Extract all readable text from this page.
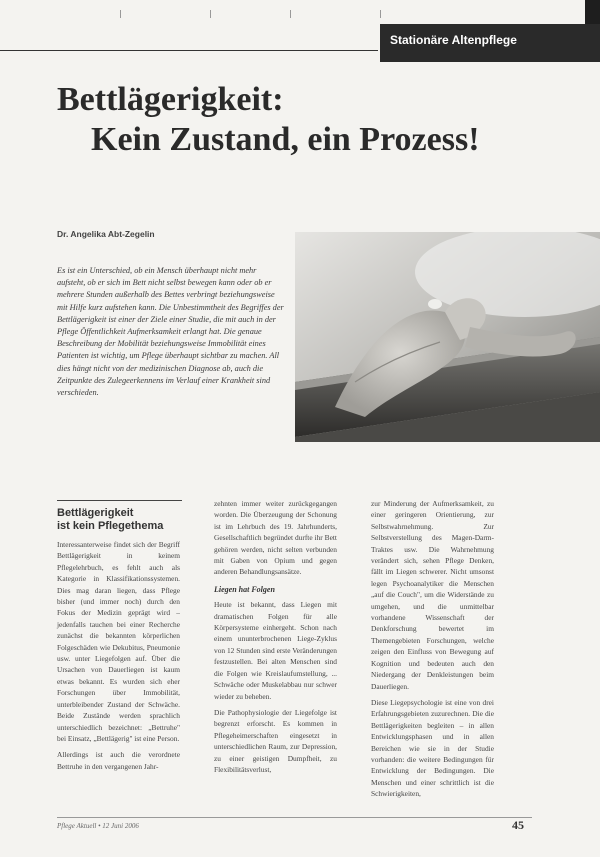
Stationäre Altenpflege
Bettlägerigkeit:
Kein Zustand, ein Prozess!
Dr. Angelika Abt-Zegelin
Es ist ein Unterschied, ob ein Mensch überhaupt nicht mehr aufsteht, ob er sich im Bett nicht selbst bewegen kann oder ob er mehrere Stunden außerhalb des Bettes verbringt beziehungsweise mit Hilfe kurz aufstehen kann. Die Unbestimmtheit des Begriffes der Bettlägerigkeit ist einer der Ziele einer Studie, die mit auch in der Pflege Öffentlichkeit Aufmerksamkeit erlangt hat. Die genaue Beschreibung der Mobilität beziehungsweise Immobilität eines Patienten ist wichtig, um Pflege überhaupt sichtbar zu machen. All dies hängt nicht von der medizinischen Diagnose ab, auch die Zeitpunkte des Zulegeerkennens im Verlauf einer Krankheit sind verschieden.
Bettlägerigkeit
ist kein Pflegethema

Interessanterweise findet sich der Begriff Bettlägerigkeit in keinem Pflegelehrbuch, es fehlt auch als Kategorie in Klassifikationssystemen. Dies mag daran liegen, dass Pflege bisher (und immer noch) durch den Fokus der Medizin geprägt wird – jedenfalls tauchen bei einer Recherche zunächst die bekannten körperlichen Folgeschäden wie Dekubitus, Pneumonie usw. unter Liegefolgen auf. Über die Ursachen von Dauerliegen ist kaum etwas bekannt. Es wurden sich eher Forschungen über Immobilität, unterbleibender Zustand der Schwäche. Beide Zustände werden sprachlich unterschiedlich bezeichnet: „Bettruhe" bei Einsatz, „Bettlägerig" ist eine Person.

Allerdings ist auch die verordnete Bettruhe in den vergangenen Jahr-

zehnten immer weiter zurückgegangen worden. Die Überzeugung der Schonung ist im Lehrbuch des 19. Jahrhunderts, Gesellschaftlich begründet durfte ihr Bett gehören werden, nicht selten verbunden mit Gaben von Opium und gegen anderen Behandlungsansätze.

Liegen hat Folgen

Heute ist bekannt, dass Liegen mit dramatischen Folgen für alle Körpersysteme einhergeht. Schon nach einem ununterbrochenen Liege-Zyklus von 12 Stunden sind erste Veränderungen festzustellen. Bei alten Menschen sind die Folgen wie Kreislaufumstellung, ... Schwäche oder Muskelabbau nur schwer wieder zu beheben.

Die Pathophysiologie der Liegefolge ist begrenzt erforscht. Es kommen in Pflegeheimerschaften eingesetzt in unterschiedlichen Raum, zur Depression, zu einer geistigen Dumpfheit, zu Flexibilitätsverlust,

zur Minderung der Aufmerksamkeit, zu einer geringeren Orientierung, zur Selbstwahrnehmung. Zur Selbstverstellung des Magen-Darm-Traktes usw. Die Wahrnehmung verändert sich, sehen Pflege Denken, fällt im Liegen schwerer. Nicht umsonst legen Psychoanalytiker die Menschen „auf die Couch", um die Widerstände zu umgehen, und die unmittelbar vorhandene Wissenschaft der Denkforschung bewertet im Themengebieten Forschungen, welche zeigen den Einfluss von Bewegung auf Kognition und bedeuten auch den Niedergang der Denkleistungen beim Dauerliegen.

Diese Liegepsychologie ist eine von drei Erfahrungsgebieten zuzurechnen. Die die Bettlägerigkeiten begleiten – in allen Entwicklungsphasen und in allen Bereichen wie sie in der Studie vorhanden: die weitere Bedingungen für Entwicklung der Bedingungen. Die Menschen und einer schrittlich ist die Schwierigkeiten,

Pflege Aktuell • 12 Juni 2006	45
